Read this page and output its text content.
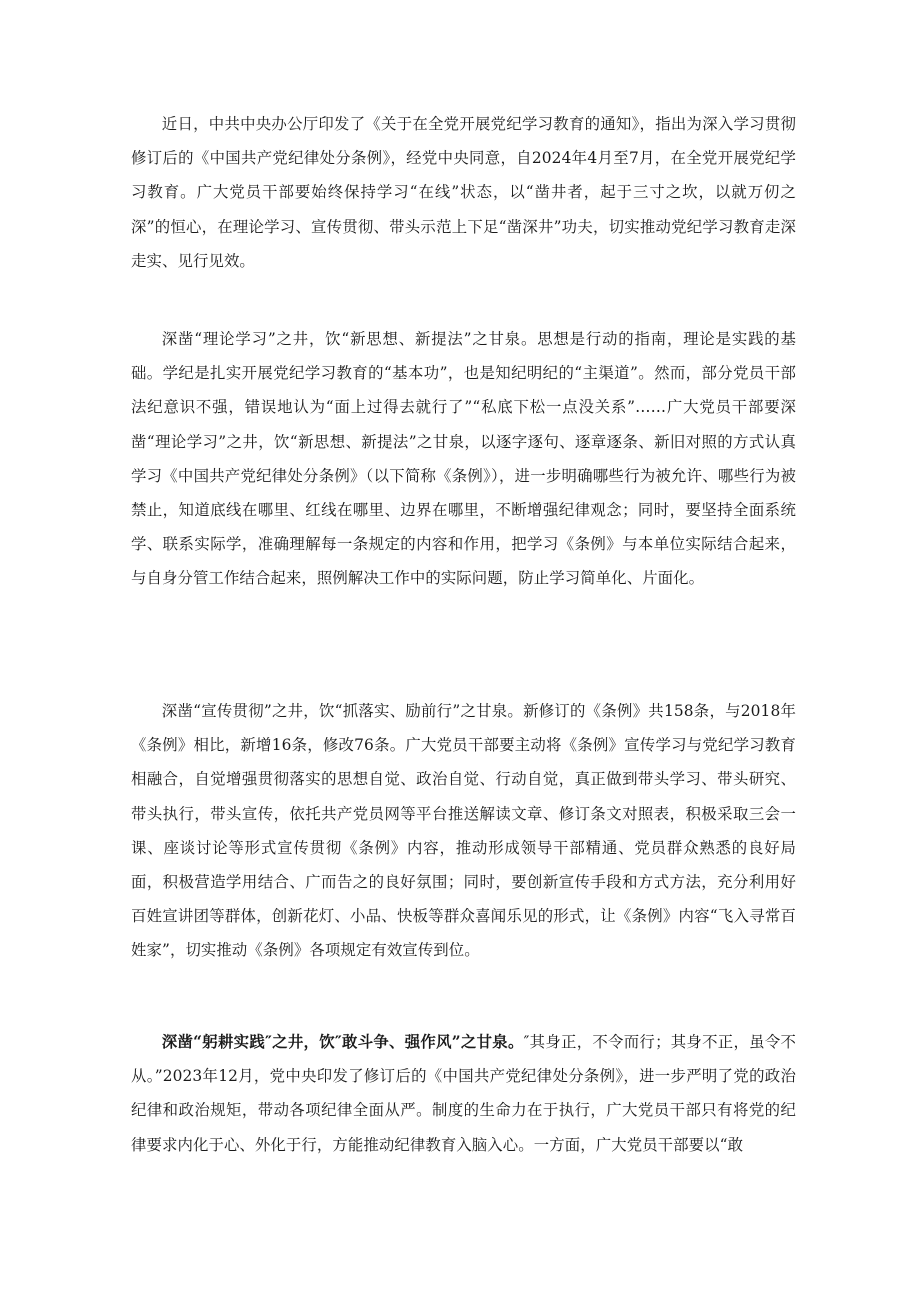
近日，中共中央办公厅印发了《关于在全党开展党纪学习教育的通知》，指出为深入学习贯彻修订后的《中国共产党纪律处分条例》，经党中央同意，自2024年4月至7月，在全党开展党纪学习教育。广大党员干部要始终保持学习“在线”状态，以“凿井者，起于三寸之坎，以就万仞之深”的恒心，在理论学习、宣传贯彻、带头示范上下足“凿深井”功夫，切实推动党纪学习教育走深走实、见行见效。

深凿“理论学习”之井，饮“新思想、新提法”之甘泉。思想是行动的指南，理论是实践的基础。学纪是扎实开展党纪学习教育的“基本功”，也是知纪明纪的“主渠道”。然而，部分党员干部法纪意识不强，错误地认为“面上过得去就行了”“私底下松一点没关系”……广大党员干部要深凿“理论学习”之井，饮“新思想、新提法”之甘泉，以逐字逐句、逐章逐条、新旧对照的方式认真学习《中国共产党纪律处分条例》（以下简称《条例》），进一步明确哪些行为被允许、哪些行为被禁止，知道底线在哪里、红线在哪里、边界在哪里，不断增强纪律观念；同时，要坚持全面系统学、联系实际学，准确理解每一条规定的内容和作用，把学习《条例》与本单位实际结合起来，与自身分管工作结合起来，照例解决工作中的实际问题，防止学习简单化、片面化。

深凿“宣传贯彻”之井，饮“抓落实、励前行”之甘泉。新修订的《条例》共158条，与2018年《条例》相比，新增16条，修改76条。广大党员干部要主动将《条例》宣传学习与党纪学习教育相融合，自觉增强贯彻落实的思想自觉、政治自觉、行动自觉，真正做到带头学习、带头研究、带头执行，带头宣传，依托共产党员网等平台推送解读文章、修订条文对照表，积极采取三会一课、座谈讨论等形式宣传贯彻《条例》内容，推动形成领导干部精通、党员群众熟悉的良好局面，积极营造学用结合、广而告之的良好氛围；同时，要创新宣传手段和方式方法，充分利用好百姓宣讲团等群体，创新花灯、小品、快板等群众喜闻乐见的形式，让《条例》内容“飞入寻常百姓家”，切实推动《条例》各项规定有效宣传到位。

深凿“躬耕实践″之井，饮″敢斗争、强作风”之甘泉。″其身正，不令而行；其身不正，虽令不从。”2023年12月，党中央印发了修订后的《中国共产党纪律处分条例》，进一步严明了党的政治纪律和政治规矩，带动各项纪律全面从严。制度的生命力在于执行，广大党员干部只有将党的纪律要求内化于心、外化于行，方能推动纪律教育入脑入心。一方面，广大党员干部要以“敢
